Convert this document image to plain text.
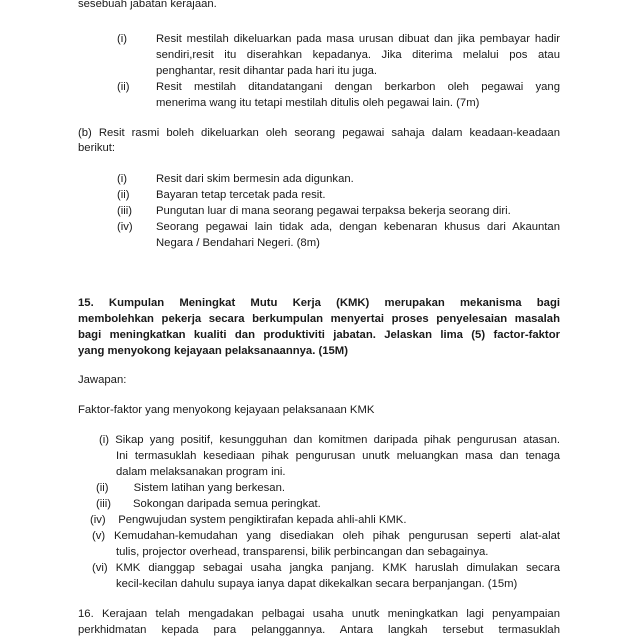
sesebuah jabatan kerajaan.
(i)	Resit mestilah dikeluarkan pada masa urusan dibuat dan jika pembayar hadir
sendiri,resit itu diserahkan kepadanya. Jika diterima melalui pos atau
penghantar, resit dihantar pada hari itu juga.
(ii) Resit mestilah ditandatangani dengan berkarbon oleh pegawai yang
menerima wang itu tetapi mestilah ditulis oleh pegawai lain. (7m)
(b) Resit rasmi boleh dikeluarkan oleh seorang pegawai sahaja dalam keadaan-keadaan
berikut:
(i)	Resit dari skim bermesin ada digunkan.
(ii) Bayaran tetap tercetak pada resit.
(iii) Pungutan luar di mana seorang pegawai terpaksa bekerja seorang diri.
(iv) Seorang pegawai lain tidak ada, dengan kebenaran khusus dari Akauntan
Negara / Bendahari Negeri. (8m)
15. Kumpulan Meningkat Mutu Kerja (KMK) merupakan mekanisma bagi
membolehkan pekerja secara berkumpulan menyertai proses penyelesaian masalah
bagi meningkatkan kualiti dan produktiviti jabatan. Jelaskan lima (5) factor-faktor
yang menyokong kejayaan pelaksanaannya. (15M)
Jawapan:
Faktor-faktor yang menyokong kejayaan pelaksanaan KMK
(i) Sikap yang positif, kesungguhan dan komitmen daripada pihak pengurusan atasan.
Ini termasuklah kesediaan pihak pengurusan unutk meluangkan masa dan tenaga
dalam melaksanakan program ini.
(ii)        Sistem latihan yang berkesan.
(iii)       Sokongan daripada semua peringkat.
(iv)    Pengwujudan system pengiktirafan kepada ahli-ahli KMK.
(v) Kemudahan-kemudahan yang disediakan oleh pihak pengurusan seperti alat-alat
tulis, projector overhead, transparensi, bilik perbincangan dan sebagainya.
(vi) KMK dianggap sebagai usaha jangka panjang. KMK haruslah dimulakan secara
kecil-kecilan dahulu supaya ianya dapat dikekalkan secara berpanjangan. (15m)
16. Kerajaan telah mengadakan pelbagai usaha unutk meningkatkan lagi penyampaian
perkhidmatan kepada para pelanggannya. Antara langkah tersebut termasuklah
